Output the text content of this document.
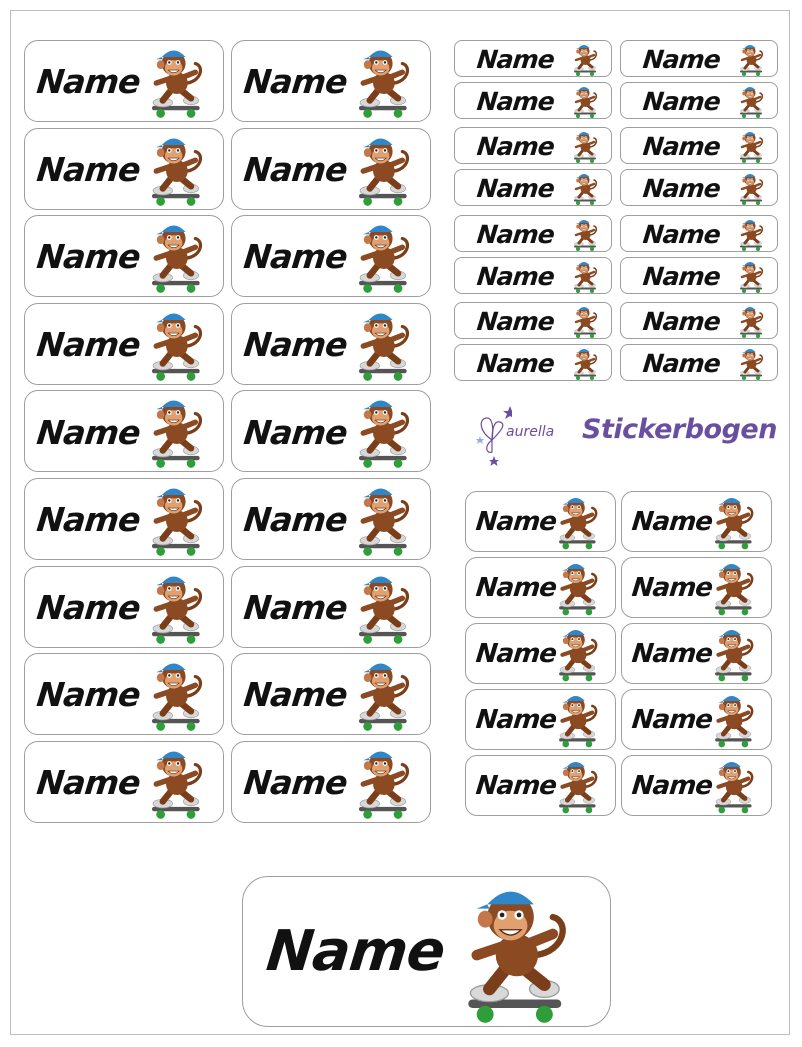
Name	Name
Name	Name
Name	Name
Name	Name
Name	Name
Name	Name
Name	Name
Name	Name
Name	Name
Name	Name
Name	Name
Name	Name
Name	Name
Name	Name
Name	Name
Name	Name
Name	Name
Name	Name
Name	Name
Name	Name
Name	Name
Name	Name
Name
aurella Stickerbogen
